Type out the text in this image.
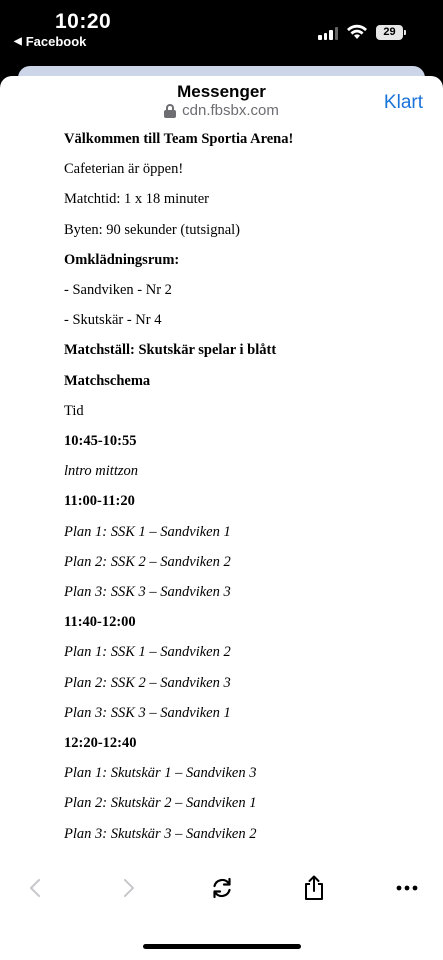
10:20
◀ Facebook
29
Messenger
cdn.fbsbx.com	Klart
Välkommen till Team Sportia Arena!
Cafeterian är öppen!
Matchtid: 1 x 18 minuter
Byten: 90 sekunder (tutsignal)
Omklädningsrum:
- Sandviken - Nr 2
- Skutskär - Nr 4
Matchställ: Skutskär spelar i blått
Matchschema
Tid
10:45-10:55
lntro mittzon
11:00-11:20
Plan 1: SSK 1 – Sandviken 1
Plan 2: SSK 2 – Sandviken 2
Plan 3: SSK 3 – Sandviken 3
11:40-12:00
Plan 1: SSK 1 – Sandviken 2
Plan 2: SSK 2 – Sandviken 3
Plan 3: SSK 3 – Sandviken 1
12:20-12:40
Plan 1: Skutskär 1 – Sandviken 3
Plan 2: Skutskär 2 – Sandviken 1
Plan 3: Skutskär 3 – Sandviken 2
